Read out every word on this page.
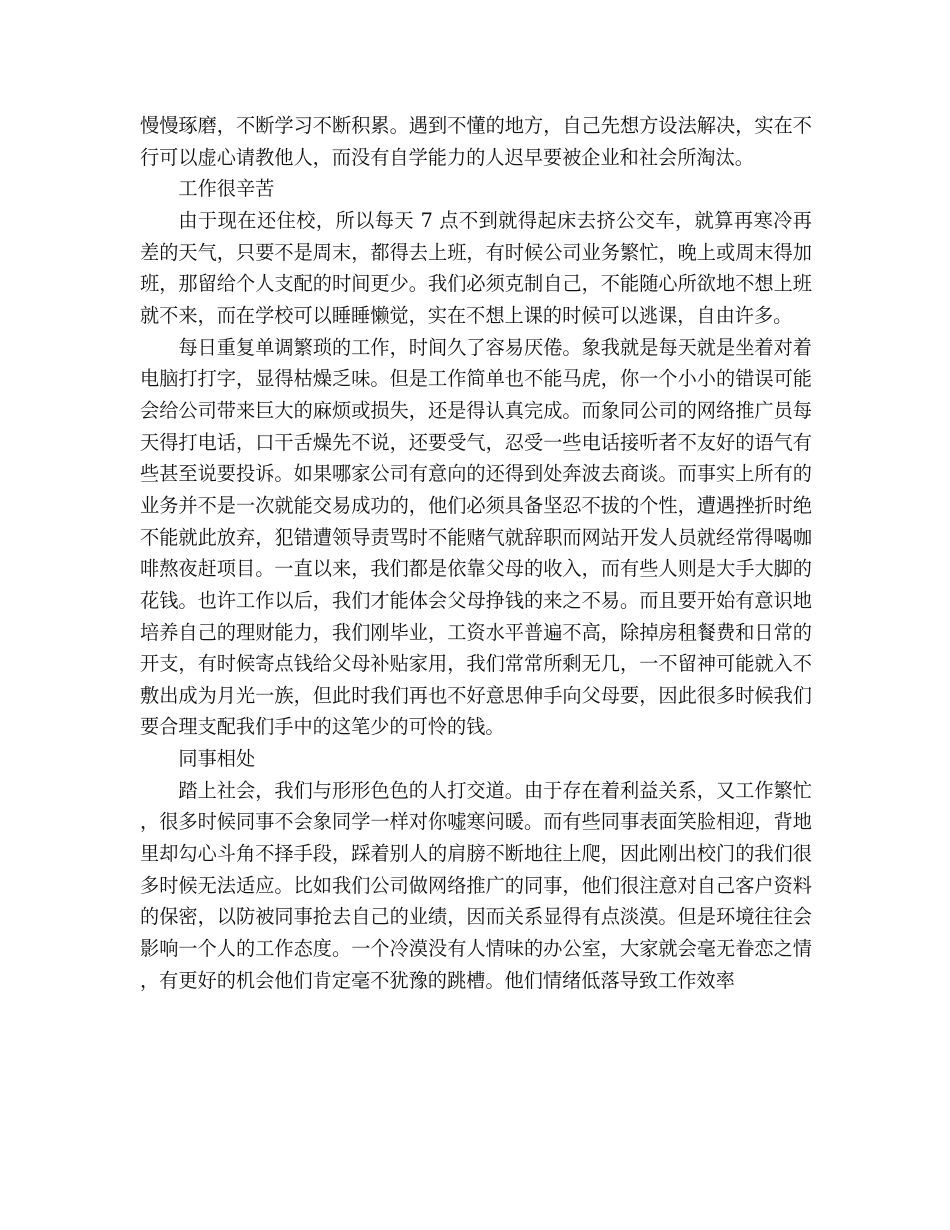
慢慢琢磨，不断学习不断积累。遇到不懂的地方，自己先想方设法解决，实在不行可以虚心请教他人，而没有自学能力的人迟早要被企业和社会所淘汰。

工作很辛苦

由于现在还住校，所以每天 7 点不到就得起床去挤公交车，就算再寒冷再差的天气，只要不是周末，都得去上班，有时候公司业务繁忙，晚上或周末得加班，那留给个人支配的时间更少。我们必须克制自己，不能随心所欲地不想上班就不来，而在学校可以睡睡懒觉，实在不想上课的时候可以逃课，自由许多。

每日重复单调繁琐的工作，时间久了容易厌倦。象我就是每天就是坐着对着电脑打打字，显得枯燥乏味。但是工作简单也不能马虎，你一个小小的错误可能会给公司带来巨大的麻烦或损失，还是得认真完成。而象同公司的网络推广员每天得打电话，口干舌燥先不说，还要受气，忍受一些电话接听者不友好的语气有些甚至说要投诉。如果哪家公司有意向的还得到处奔波去商谈。而事实上所有的业务并不是一次就能交易成功的，他们必须具备坚忍不拔的个性，遭遇挫折时绝不能就此放弃，犯错遭领导责骂时不能赌气就辞职而网站开发人员就经常得喝咖啡熬夜赶项目。一直以来，我们都是依靠父母的收入，而有些人则是大手大脚的花钱。也许工作以后，我们才能体会父母挣钱的来之不易。而且要开始有意识地培养自己的理财能力，我们刚毕业，工资水平普遍不高，除掉房租餐费和日常的开支，有时候寄点钱给父母补贴家用，我们常常所剩无几，一不留神可能就入不敷出成为月光一族，但此时我们再也不好意思伸手向父母要，因此很多时候我们要合理支配我们手中的这笔少的可怜的钱。

同事相处

踏上社会，我们与形形色色的人打交道。由于存在着利益关系，又工作繁忙，很多时候同事不会象同学一样对你嘘寒问暖。而有些同事表面笑脸相迎，背地里却勾心斗角不择手段，踩着别人的肩膀不断地往上爬，因此刚出校门的我们很多时候无法适应。比如我们公司做网络推广的同事，他们很注意对自己客户资料的保密，以防被同事抢去自己的业绩，因而关系显得有点淡漠。但是环境往往会影响一个人的工作态度。一个冷漠没有人情味的办公室，大家就会毫无眷恋之情，有更好的机会他们肯定毫不犹豫的跳槽。他们情绪低落导致工作效率
